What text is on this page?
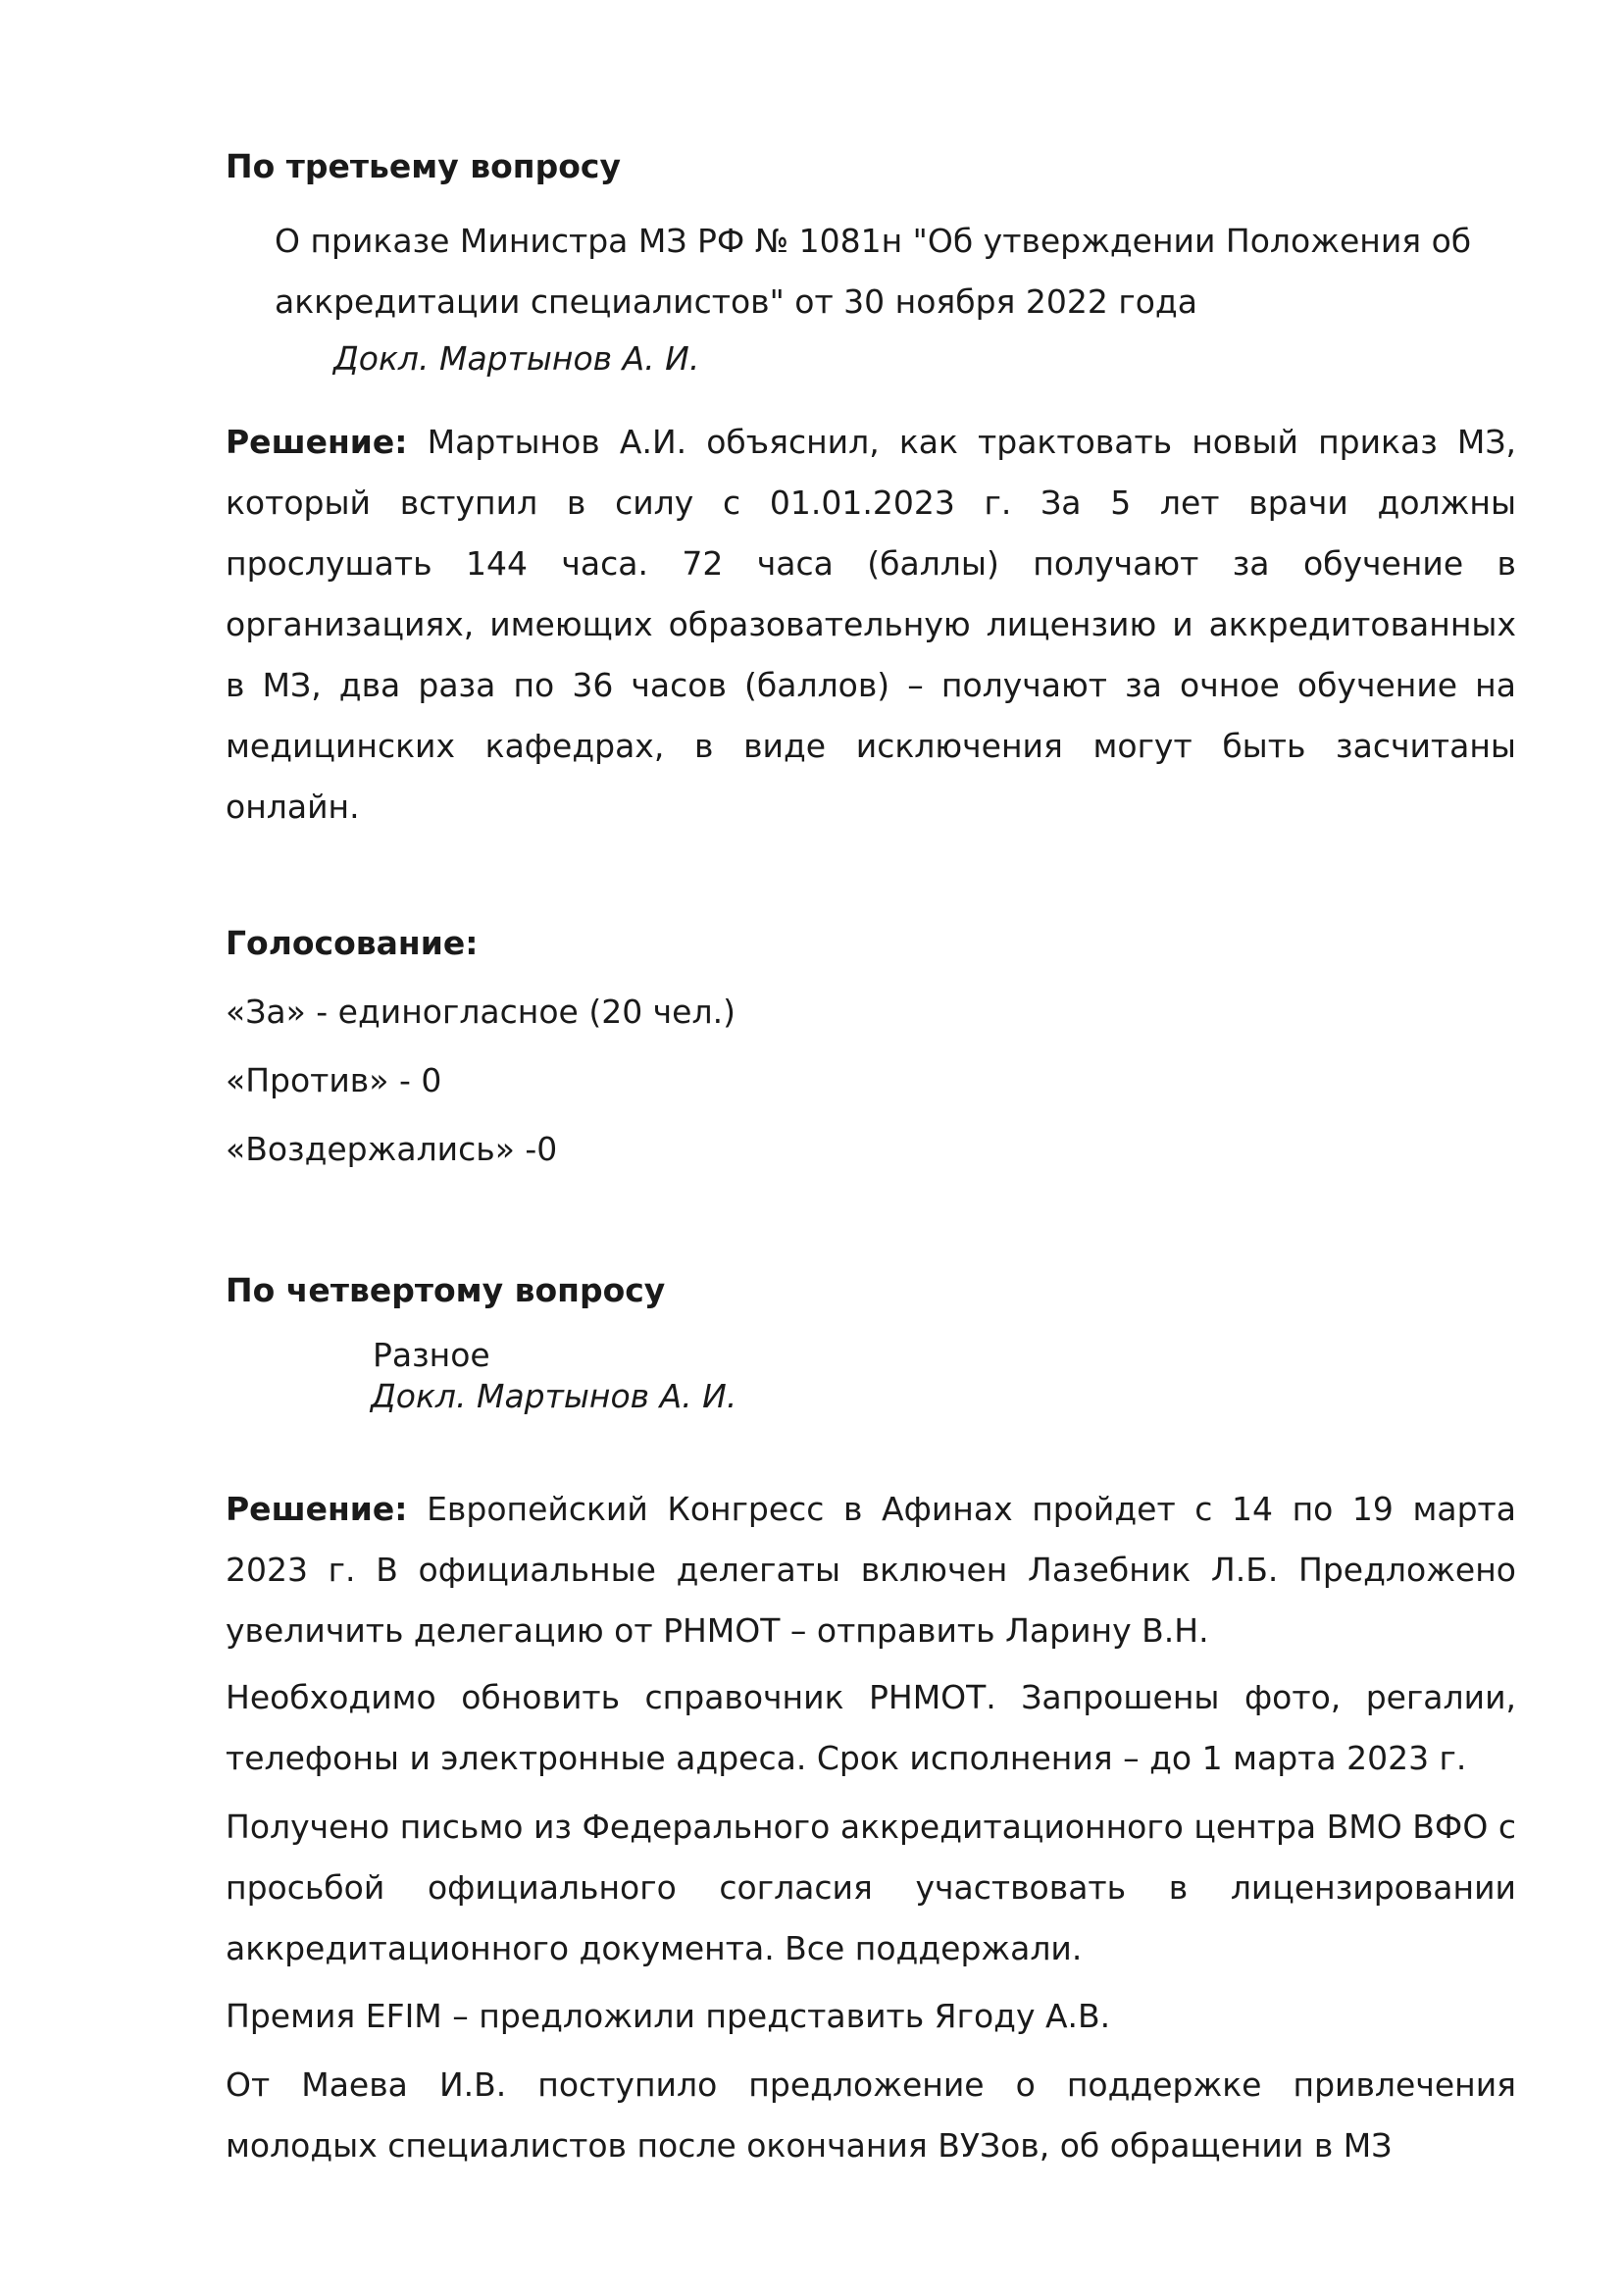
По третьему вопросу
О приказе Министра МЗ РФ № 1081н "Об утверждении Положения об аккредитации специалистов" от 30 ноября 2022 года
Докл. Мартынов А. И.

Решение: Мартынов А.И. объяснил, как трактовать новый приказ МЗ, который вступил в силу с 01.01.2023 г. За 5 лет врачи должны прослушать 144 часа. 72 часа (баллы) получают за обучение в организациях, имеющих образовательную лицензию и аккредитованных в МЗ, два раза по 36 часов (баллов) – получают за очное обучение на медицинских кафедрах, в виде исключения могут быть засчитаны онлайн.

Голосование:
«За» - единогласное (20 чел.)
«Против» - 0
«Воздержались» -0
По четвертому вопросу
Разное
Докл. Мартынов А. И.

Решение: Европейский Конгресс в Афинах пройдет с 14 по 19 марта 2023 г. В официальные делегаты включен Лазебник Л.Б. Предложено увеличить делегацию от РНМОТ – отправить Ларину В.Н.

Необходимо обновить справочник РНМОТ. Запрошены фото, регалии, телефоны и электронные адреса. Срок исполнения – до 1 марта 2023 г.

Получено письмо из Федерального аккредитационного центра ВМО ВФО с просьбой официального согласия участвовать в лицензировании аккредитационного документа. Все поддержали.

Премия EFIM – предложили представить Ягоду А.В.

От Маева И.В. поступило предложение о поддержке привлечения молодых специалистов после окончания ВУЗов, об обращении в МЗ
